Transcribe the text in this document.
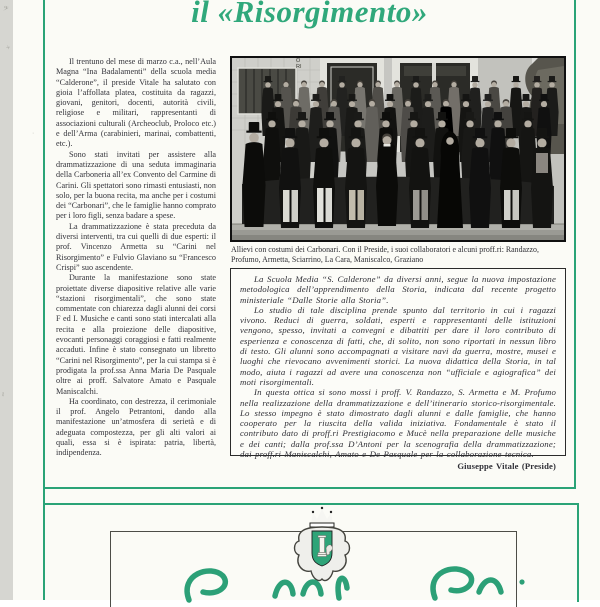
𝄢
+
ι
·
il «Risorgimento»

Il trentuno del mese di marzo c.a., nell’Aula Magna “Ina Badalamenti” della scuola media “Calderone”, il preside Vitale ha salutato con gioia l’affollata platea, costituita da ragazzi, giovani, genitori, docenti, autorità civili, religiose e militari, rappresentanti di associazioni culturali (Archeoclub, Proloco etc.) e dell’Arma (carabinieri, marinai, combattenti, etc.).

Sono stati invitati per assistere alla drammatizzazione di una seduta immaginaria della Carboneria all’ex Convento del Carmine di Carini. Gli spettatori sono rimasti entusiasti, non solo, per la buona recita, ma anche per i costumi dei “Carbonari”, che le famiglie hanno comprato per i loro figli, senza badare a spese.

La drammatizzazione è stata preceduta da diversi interventi, tra cui quelli di due esperti: il prof. Vincenzo Armetta su “Carini nel Risorgimento” e Fulvio Glaviano su “Francesco Crispi” suo ascendente.

Durante la manifestazione sono state proiettate diverse diapositive relative alle varie “stazioni risorgimentali”, che sono state commentate con chiarezza dagli alunni dei corsi F ed I. Musiche e canti sono stati intercalati alla recita e alla proiezione delle diapositive, evocanti personaggi coraggiosi e fatti realmente accaduti. Infine è stato consegnato un libretto “Carini nel Risorgimento”, per la cui stampa si è prodigata la prof.ssa Anna Maria De Pasquale oltre ai proff. Salvatore Amato e Pasquale Maniscalchi.

Ha coordinato, con destrezza, il cerimoniale il prof. Angelo Petrantoni, dando alla manifestazione un’atmosfera di serietà e di adeguata compostezza, per gli alti valori ai quali, essa si è ispirata: patria, libertà, indipendenza.

ORI
Allievi con costumi dei Carbonari. Con il Preside, i suoi collaboratori e alcuni proff.ri: Randazzo, Profumo, Armetta, Sciarrino, La Cara, Maniscalco, Graziano

La Scuola Media “S. Calderone” da diversi anni, segue la nuova impostazione metodologica dell’apprendimento della Storia, indicata dal recente progetto ministeriale “Dalle Storie alla Storia”.

Lo studio di tale disciplina prende spunto dal territorio in cui i ragazzi vivono. Reduci di guerra, soldati, esperti e rappresentanti delle istituzioni vengono, spesso, invitati a convegni e dibattiti per dare il loro contributo di esperienza e conoscenza di fatti, che, di solito, non sono riportati in nessun libro di testo. Gli alunni sono accompagnati a visitare navi da guerra, mostre, musei e luoghi che rievocano avvenimenti storici. La nuova didattica della Storia, in tal modo, aiuta i ragazzi ad avere una conoscenza non “ufficiale e agiografica” dei moti risorgimentali.

In questa ottica si sono mossi i proff. V. Randazzo, S. Armetta e M. Profumo nella realizzazione della drammatizzazione e dell’itinerario storico-risorgimentale. Lo stesso impegno è stato dimostrato dagli alunni e dalle famiglie, che hanno cooperato per la riuscita della valida iniziativa. Fondamentale è stato il contributo dato di proff.ri Prestigiacomo e Mucè nella preparazione delle musiche e dei canti; dalla prof.ssa D’Antoni per la scenografia della drammatizzazione; dai proff.ri Maniscalchi, Amato e De Pasquale per la collaborazione tecnica.

Giuseppe Vitale (Preside)
